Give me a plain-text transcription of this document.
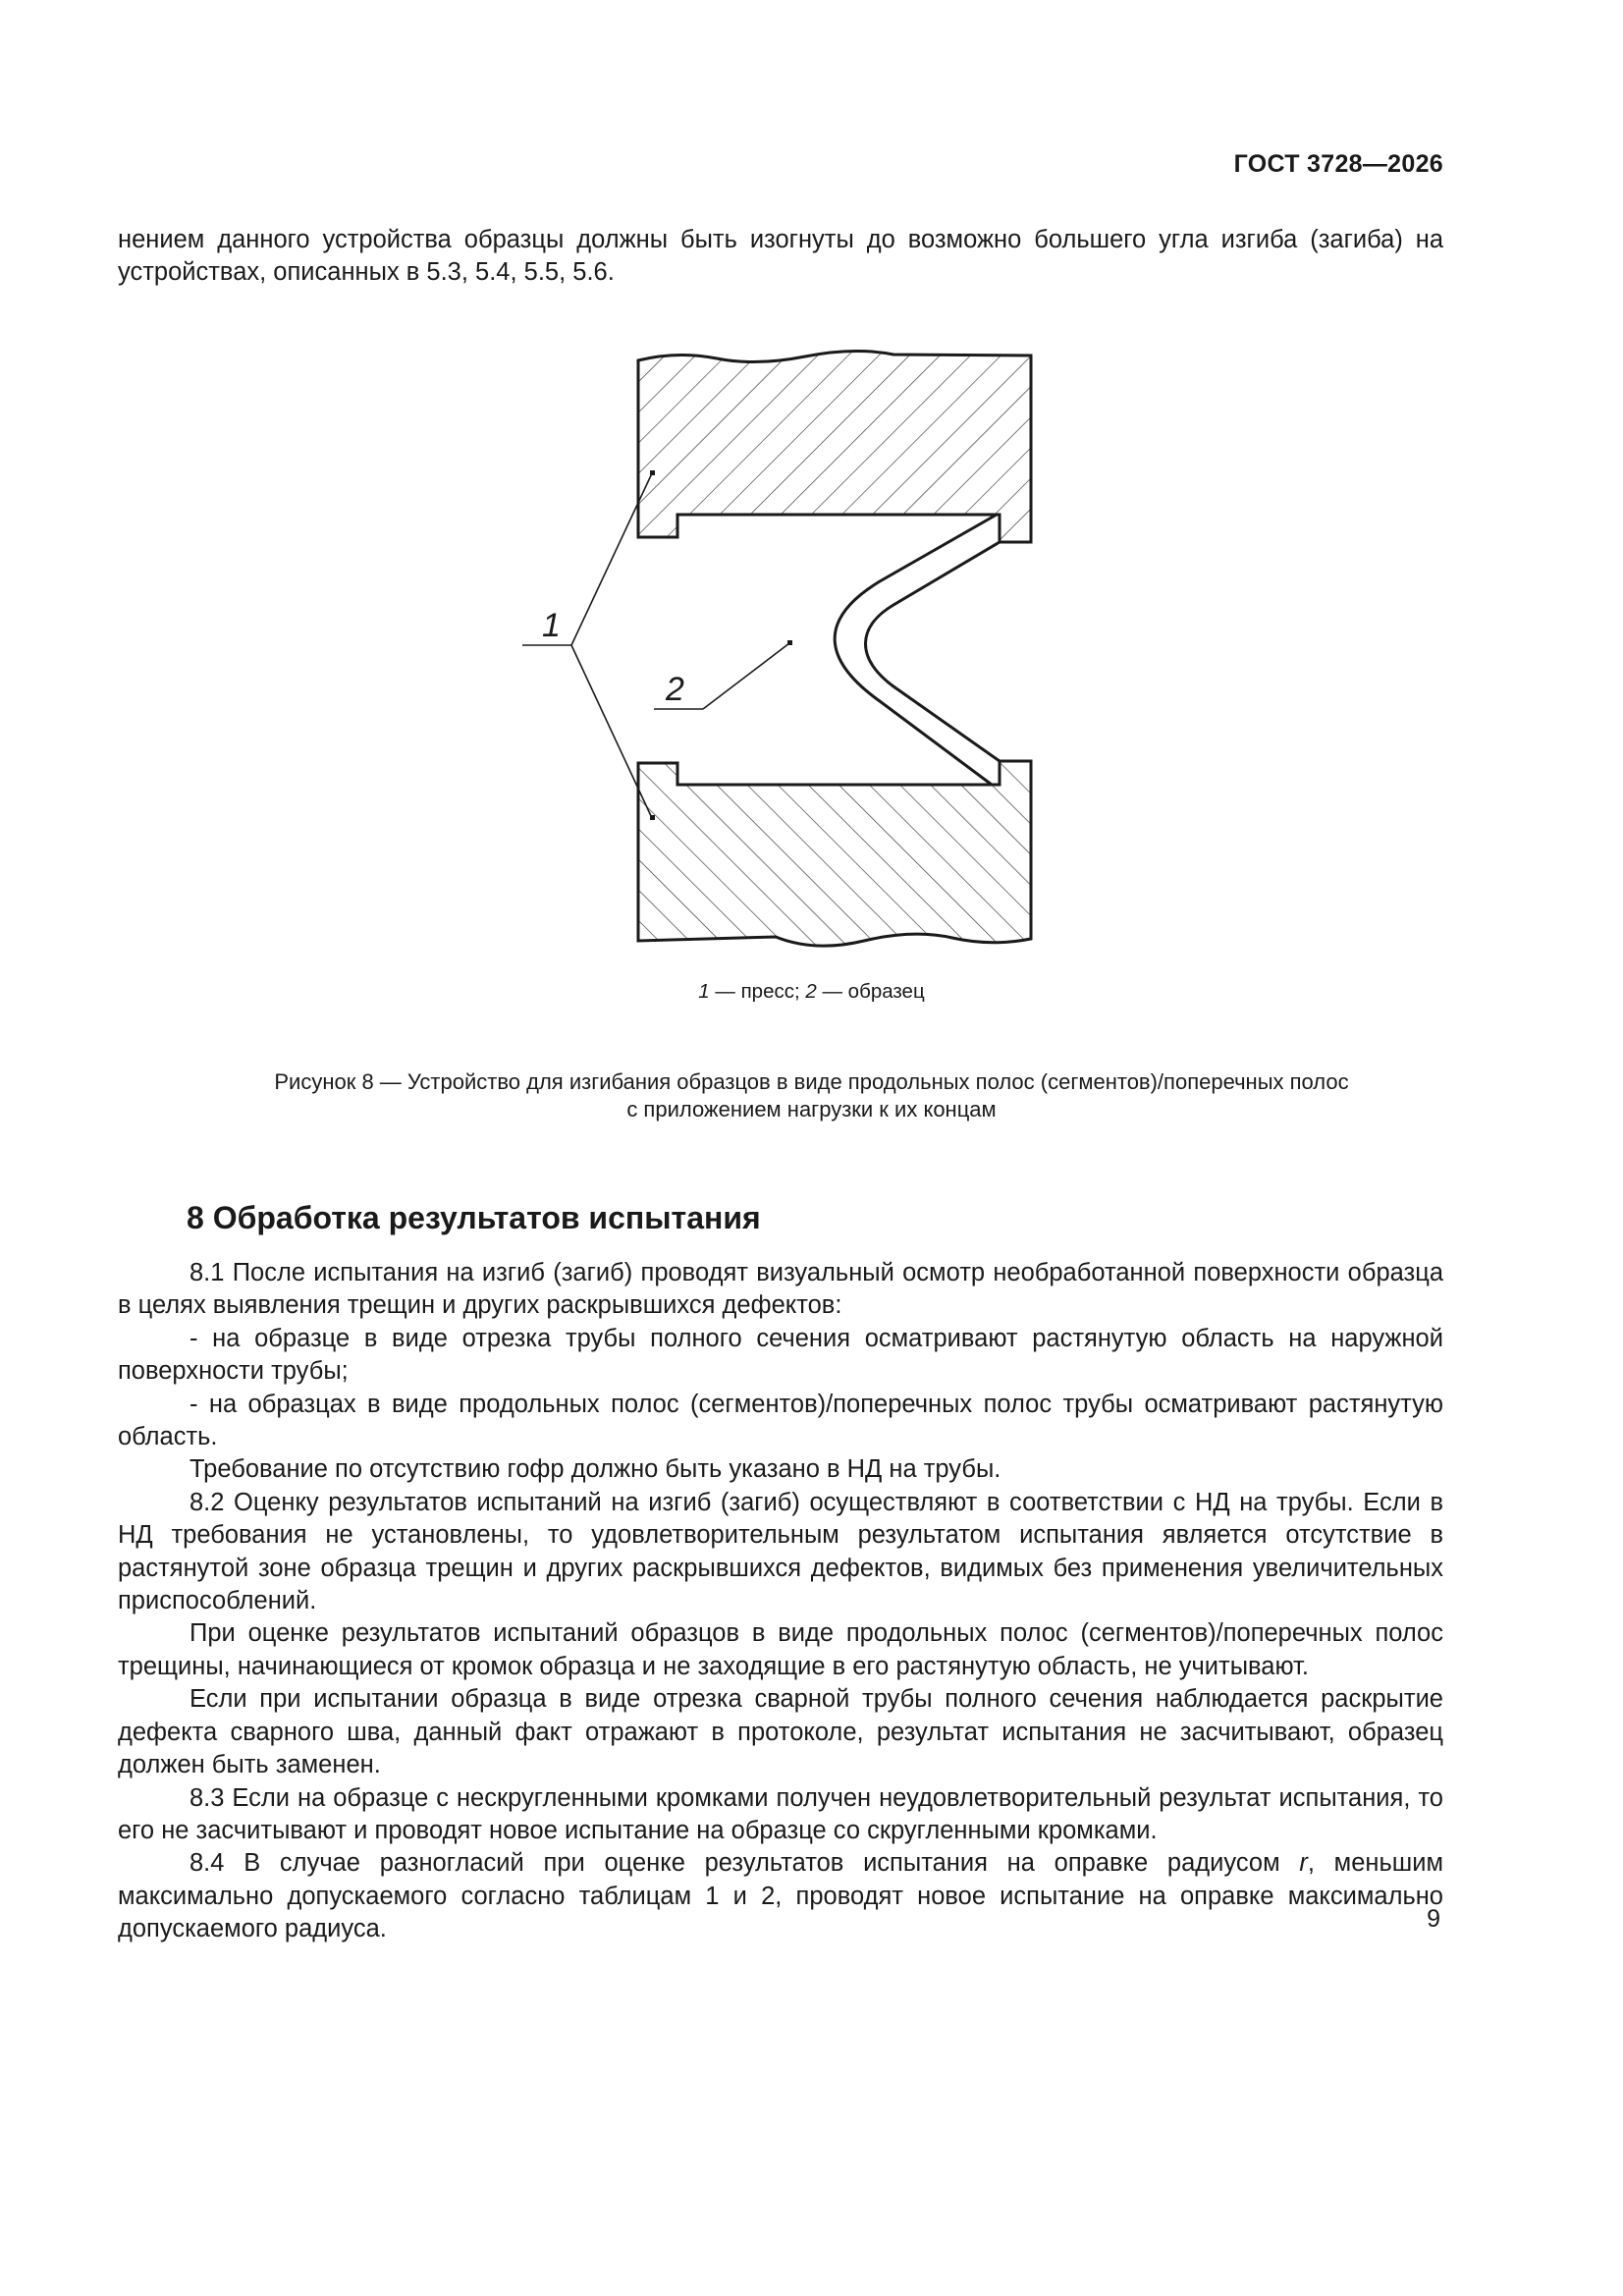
ГОСТ 3728—2026

нением данного устройства образцы должны быть изогнуты до возможно большего угла изгиба (загиба) на устройствах, описанных в 5.3, 5.4, 5.5, 5.6.

1
2
1 — пресс; 2 — образец
Рисунок 8 — Устройство для изгибания образцов в виде продольных полос (сегментов)/поперечных полос
с приложением нагрузки к их концам
8 Обработка результатов испытания

8.1 После испытания на изгиб (загиб) проводят визуальный осмотр необработанной поверхности образца в целях выявления трещин и других раскрывшихся дефектов:

- на образце в виде отрезка трубы полного сечения осматривают растянутую область на наружной поверхности трубы;

- на образцах в виде продольных полос (сегментов)/поперечных полос трубы осматривают растянутую область.

Требование по отсутствию гофр должно быть указано в НД на трубы.

8.2 Оценку результатов испытаний на изгиб (загиб) осуществляют в соответствии с НД на трубы. Если в НД требования не установлены, то удовлетворительным результатом испытания является отсутствие в растянутой зоне образца трещин и других раскрывшихся дефектов, видимых без применения увеличительных приспособлений.

При оценке результатов испытаний образцов в виде продольных полос (сегментов)/поперечных полос трещины, начинающиеся от кромок образца и не заходящие в его растянутую область, не учитывают.

Если при испытании образца в виде отрезка сварной трубы полного сечения наблюдается раскрытие дефекта сварного шва, данный факт отражают в протоколе, результат испытания не засчитывают, образец должен быть заменен.

8.3 Если на образце с нескругленными кромками получен неудовлетворительный результат испытания, то его не засчитывают и проводят новое испытание на образце со скругленными кромками.

8.4 В случае разногласий при оценке результатов испытания на оправке радиусом r, меньшим максимально допускаемого согласно таблицам 1 и 2, проводят новое испытание на оправке максимально допускаемого радиуса.	9
